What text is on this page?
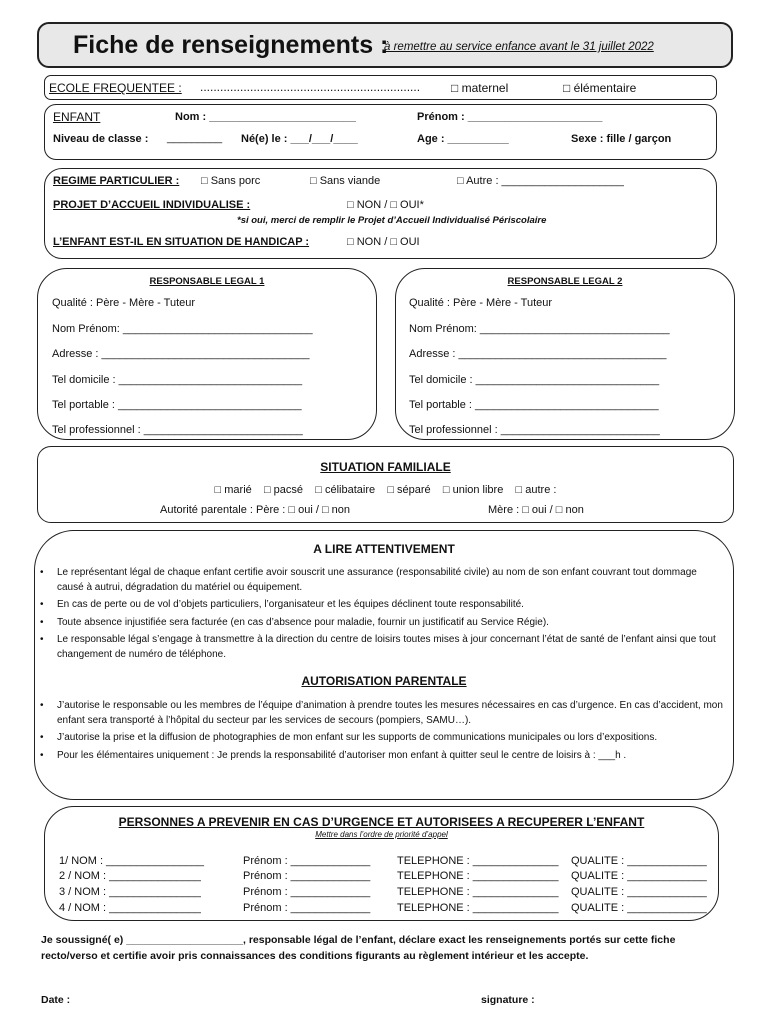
Fiche de renseignements :
à remettre au service enfance avant le 31 juillet 2022
ECOLE FREQUENTEE : ..................................................................	□ maternel	□ élémentaire
ENFANT	Nom : ________________________	Prénom : ______________________
Niveau de classe : _________ Né(e) le : ___/___/____	Age : __________	Sexe : fille / garçon
REGIME PARTICULIER : □ Sans porc	□ Sans viande	□ Autre : ____________________
PROJET D’ACCUEIL INDIVIDUALISE :	□ NON / □ OUI*
*si oui, merci de remplir le Projet d’Accueil Individualisé Périscolaire
L’ENFANT EST-IL EN SITUATION DE HANDICAP :	□ NON / □ OUI
RESPONSABLE LEGAL 1
Qualité : Père - Mère - Tuteur
Nom Prénom: _______________________________
Adresse : __________________________________
Tel domicile : ______________________________
Tel portable : ______________________________
Tel professionnel : __________________________
RESPONSABLE LEGAL 2
Qualité : Père - Mère - Tuteur
Nom Prénom: _______________________________
Adresse : __________________________________
Tel domicile : ______________________________
Tel portable : ______________________________
Tel professionnel : __________________________
SITUATION FAMILIALE
□ marié    □ pacsé    □ célibataire    □ séparé    □ union libre    □ autre :
Autorité parentale : Père : □ oui / □ non	Mère : □ oui / □ non
A LIRE ATTENTIVEMENT
• Le représentant légal de chaque enfant certifie avoir souscrit une assurance (responsabilité civile) au nom de son enfant couvrant tout dommage causé à autrui, dégradation du matériel ou équipement.
• En cas de perte ou de vol d’objets particuliers, l’organisateur et les équipes déclinent toute responsabilité.
• Toute absence injustifiée sera facturée (en cas d’absence pour maladie, fournir un justificatif au Service Régie).
• Le responsable légal s’engage à transmettre à la direction du centre de loisirs toutes mises à jour concernant l’état de santé de l’enfant ainsi que tout changement de numéro de téléphone.
AUTORISATION PARENTALE
• J’autorise le responsable ou les membres de l’équipe d’animation à prendre toutes les mesures nécessaires en cas d’urgence. En cas d’accident, mon enfant sera transporté à l’hôpital du secteur par les services de secours (pompiers, SAMU…).
• J’autorise la prise et la diffusion de photographies de mon enfant sur les supports de communications municipales ou lors d’expositions.
• Pour les élémentaires uniquement : Je prends la responsabilité d’autoriser mon enfant à quitter seul le centre de loisirs à : ___h .
PERSONNES A PREVENIR EN CAS D’URGENCE ET AUTORISEES A RECUPERER L’ENFANT
Mettre dans l’ordre de priorité d’appel
1/ NOM : ________________	Prénom : _____________ TELEPHONE : ______________ QUALITE : _____________
2 / NOM : _______________	Prénom : _____________ TELEPHONE : ______________ QUALITE : _____________
3 / NOM : _______________	Prénom : _____________ TELEPHONE : ______________ QUALITE : _____________
4 / NOM : _______________	Prénom : _____________ TELEPHONE : ______________ QUALITE : _____________
Je soussigné( e) ____________________, responsable légal de l’enfant, déclare exact les renseignements portés sur cette fiche recto/verso et certifie avoir pris connaissances des conditions figurants au règlement intérieur et les accepte.
Date :	signature :
